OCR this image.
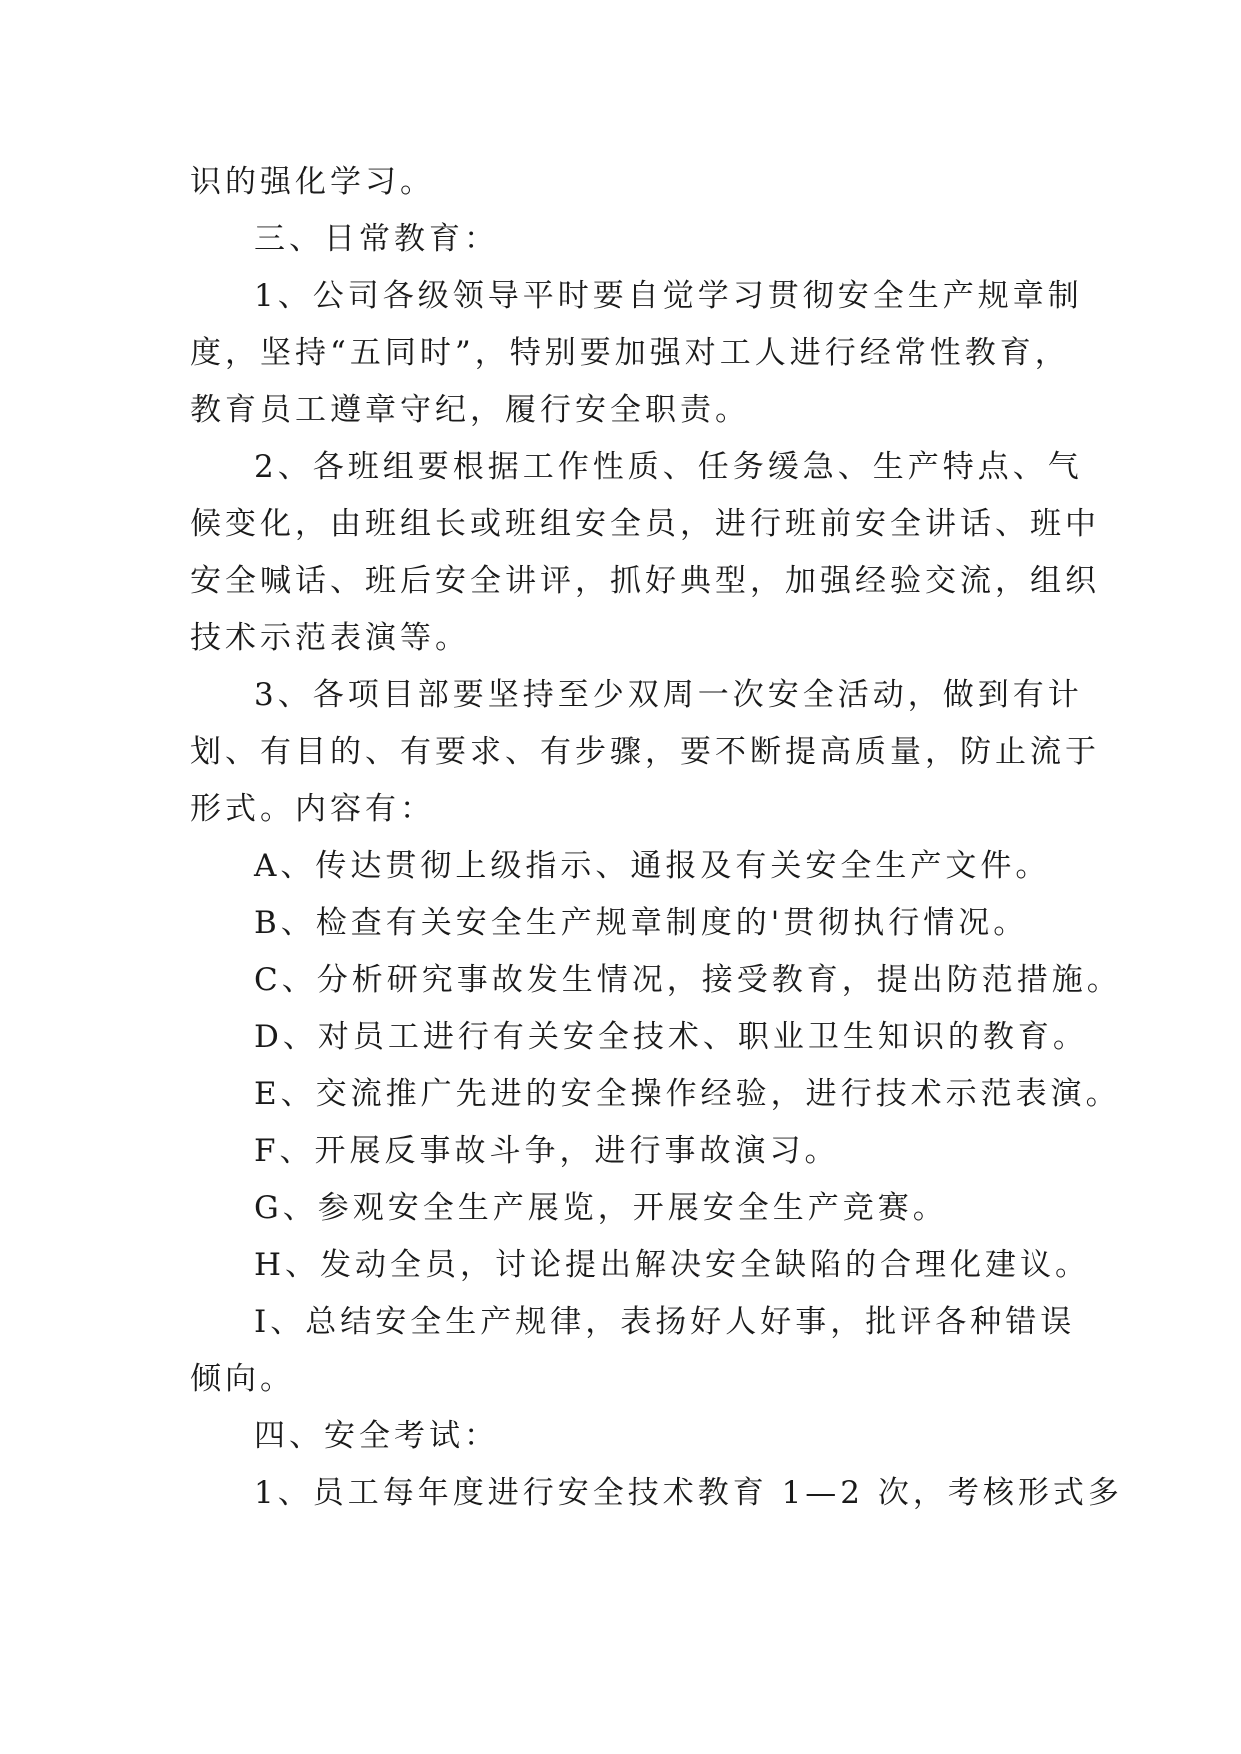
识的强化学习。
三、日常教育：
1、公司各级领导平时要自觉学习贯彻安全生产规章制
度，坚持“五同时”，特别要加强对工人进行经常性教育，
教育员工遵章守纪，履行安全职责。
2、各班组要根据工作性质、任务缓急、生产特点、气
候变化，由班组长或班组安全员，进行班前安全讲话、班中
安全喊话、班后安全讲评，抓好典型，加强经验交流，组织
技术示范表演等。
3、各项目部要坚持至少双周一次安全活动，做到有计
划、有目的、有要求、有步骤，要不断提高质量，防止流于
形式。内容有：
A、传达贯彻上级指示、通报及有关安全生产文件。
B、检查有关安全生产规章制度的'贯彻执行情况。
C、分析研究事故发生情况，接受教育，提出防范措施。
D、对员工进行有关安全技术、职业卫生知识的教育。
E、交流推广先进的安全操作经验，进行技术示范表演。
F、开展反事故斗争，进行事故演习。
G、参观安全生产展览，开展安全生产竞赛。
H、发动全员，讨论提出解决安全缺陷的合理化建议。
I、总结安全生产规律，表扬好人好事，批评各种错误
倾向。
四、安全考试：
1、员工每年度进行安全技术教育 1—2 次，考核形式多
